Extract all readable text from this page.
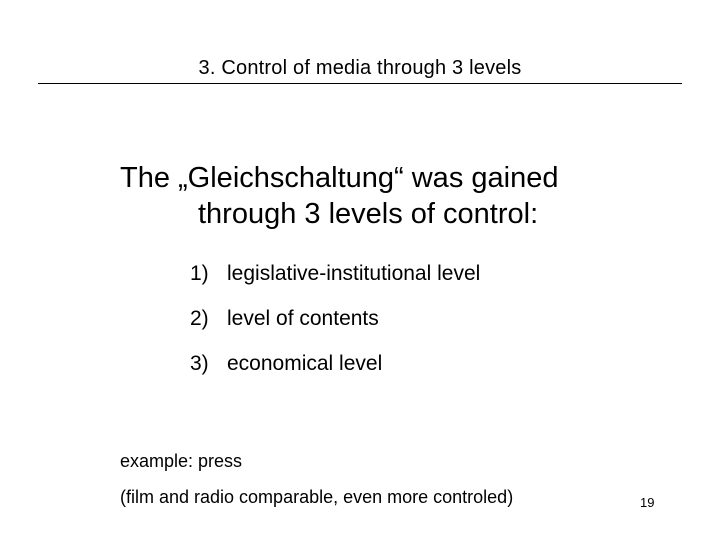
3. Control of media through 3 levels
The „Gleichschaltung“ was gained
through 3 levels of control:
1) legislative-institutional level
2) level of contents
3) economical level
example: press
(film and radio comparable, even more controled)	19
